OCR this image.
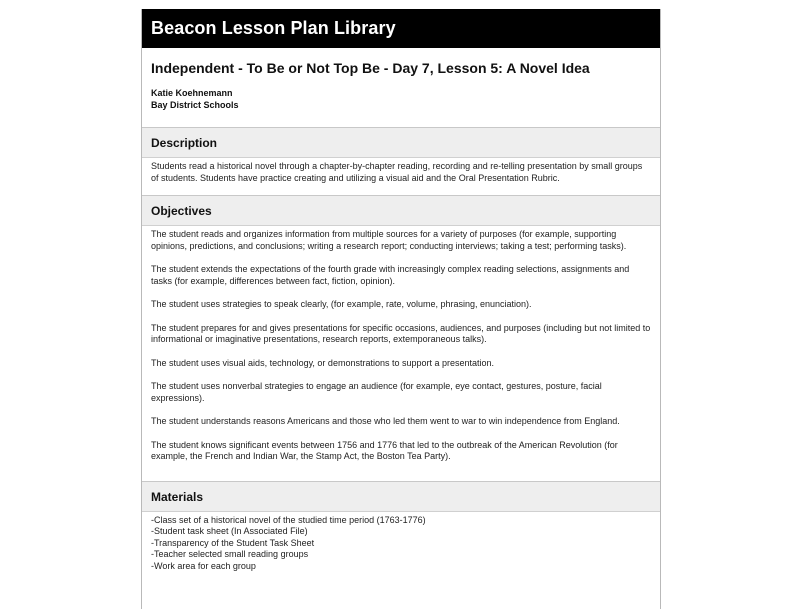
Beacon Lesson Plan Library
Independent - To Be or Not Top Be - Day 7, Lesson 5: A Novel Idea
Katie Koehnemann
Bay District Schools
Description

Students read a historical novel through a chapter-by-chapter reading, recording and re-telling presentation by small groups of students. Students have practice creating and utilizing a visual aid and the Oral Presentation Rubric.

Objectives

The student reads and organizes information from multiple sources for a variety of purposes (for example, supporting opinions, predictions, and conclusions; writing a research report; conducting interviews; taking a test; performing tasks).

The student extends the expectations of the fourth grade with increasingly complex reading selections, assignments and tasks (for example, differences between fact, fiction, opinion).

The student uses strategies to speak clearly, (for example, rate, volume, phrasing, enunciation).

The student prepares for and gives presentations for specific occasions, audiences, and purposes (including but not limited to informational or imaginative presentations, research reports, extemporaneous talks).

The student uses visual aids, technology, or demonstrations to support a presentation.

The student uses nonverbal strategies to engage an audience (for example, eye contact, gestures, posture, facial expressions).

The student understands reasons Americans and those who led them went to war to win independence from England.

The student knows significant events between 1756 and 1776 that led to the outbreak of the American Revolution (for example, the French and Indian War, the Stamp Act, the Boston Tea Party).

Materials
-Class set of a historical novel of the studied time period (1763-1776)
-Student task sheet (In Associated File)
-Transparency of the Student Task Sheet
-Teacher selected small reading groups
-Work area for each group
